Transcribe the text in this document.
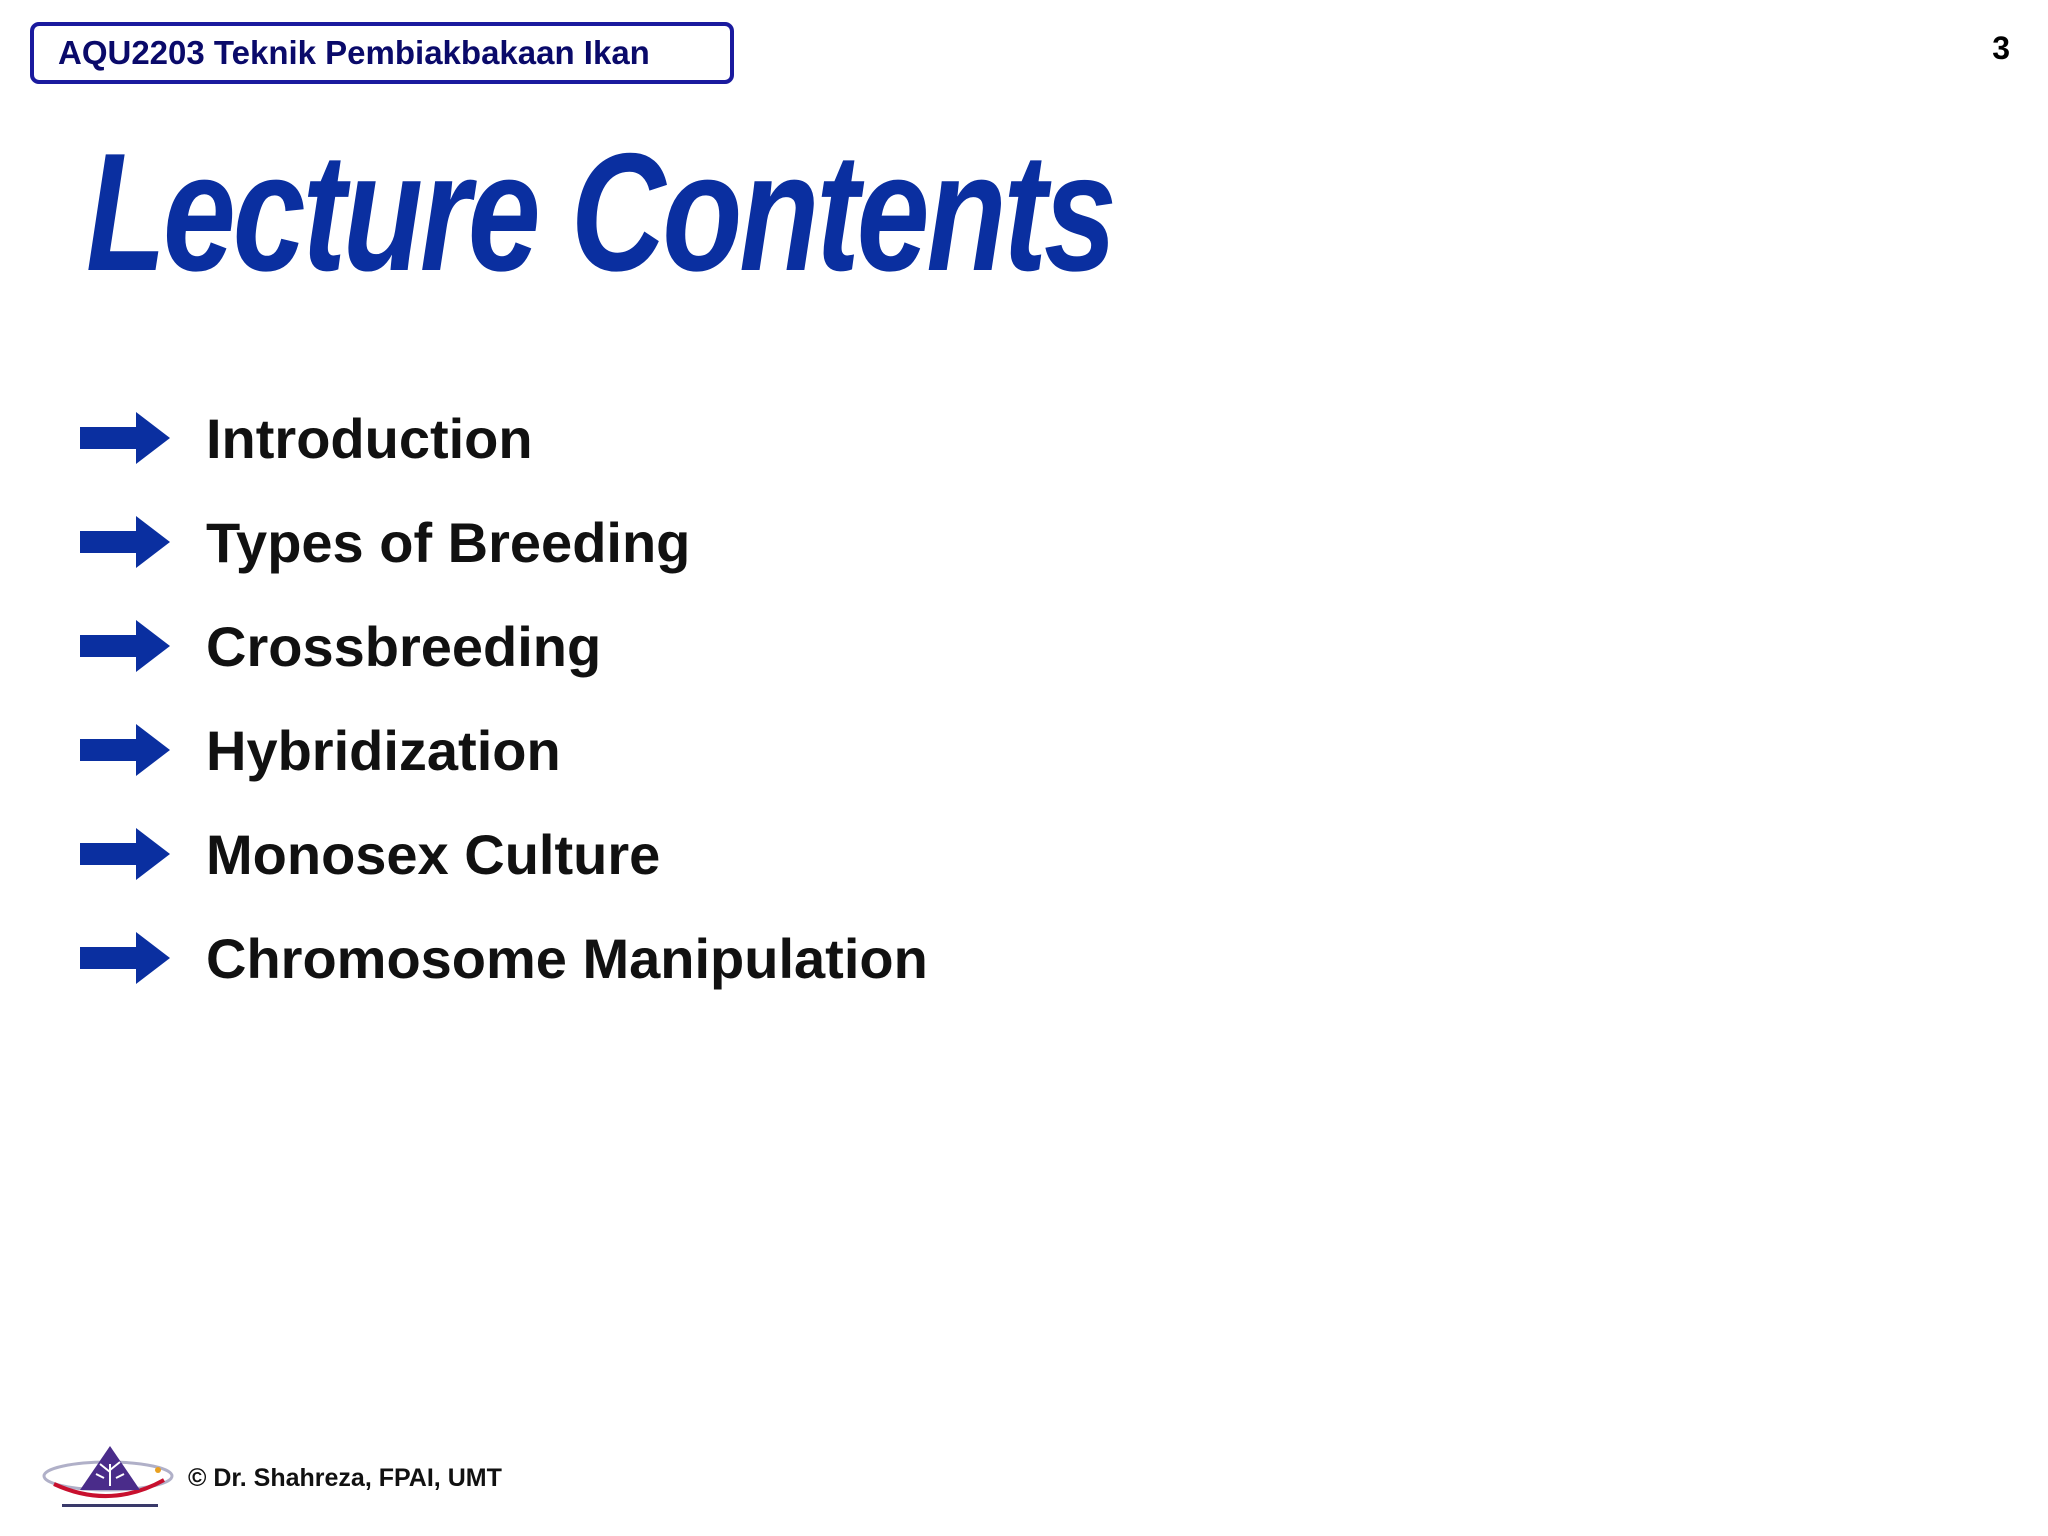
AQU2203 Teknik Pembiakbakaan Ikan	3
Lecture Contents
Introduction
Types of Breeding
Crossbreeding
Hybridization
Monosex Culture
Chromosome Manipulation
© Dr. Shahreza, FPAI, UMT
